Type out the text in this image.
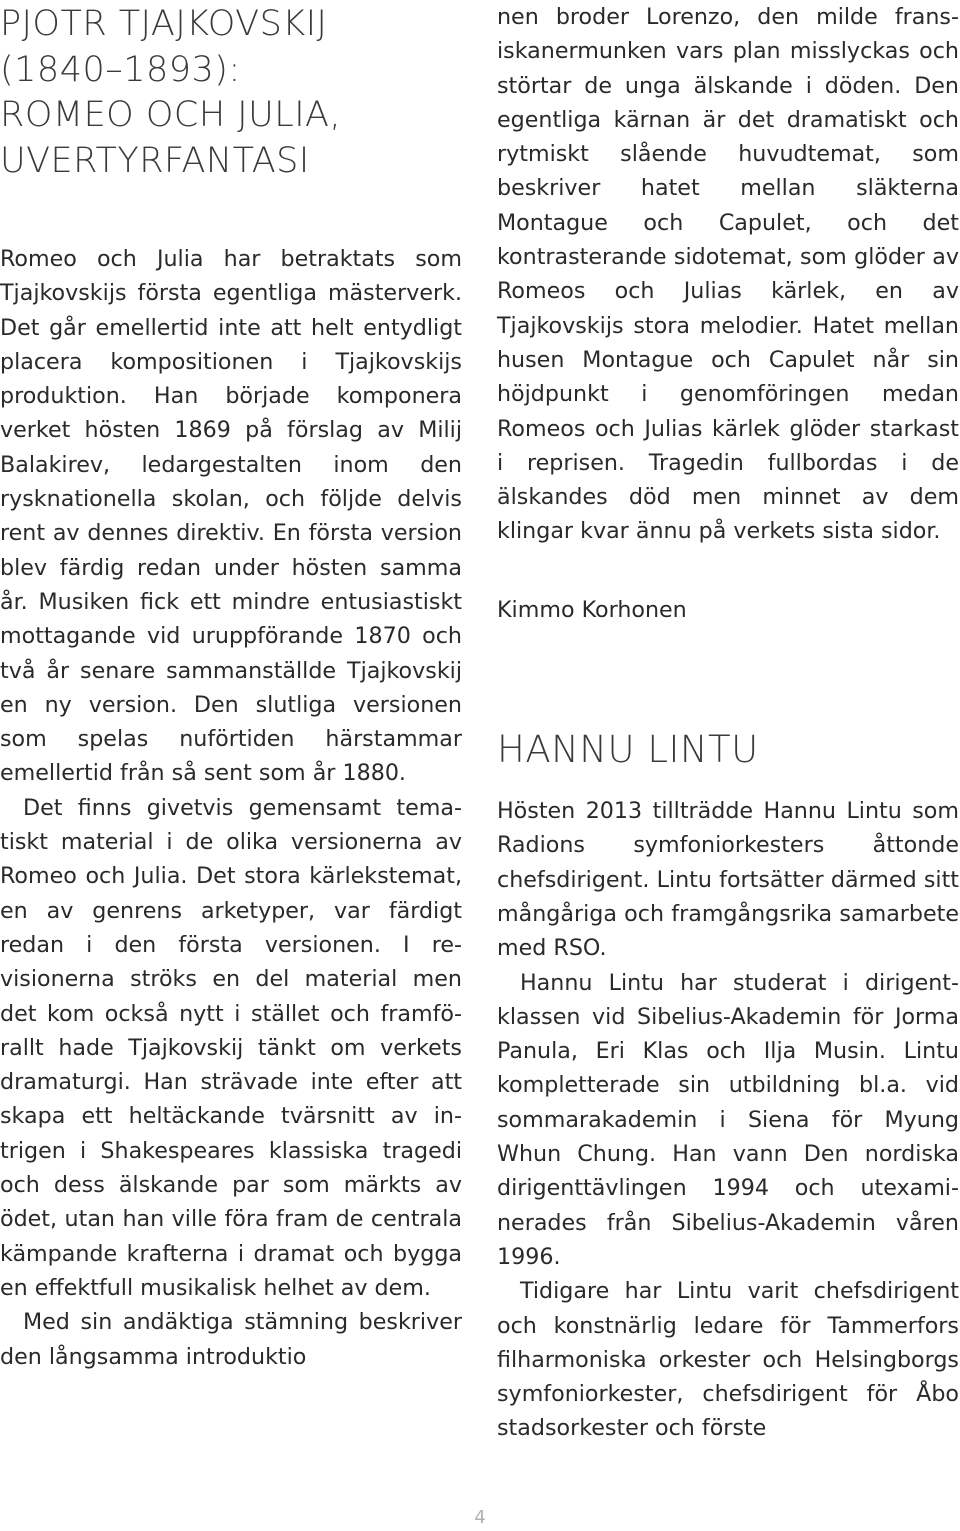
PJOTR TJAJKOVSKIJ
(1840–1893):
ROMEO OCH JULIA,
UVERTYRFANTASI

Romeo och Julia har betraktats som Tjajkovskijs första egentliga mästerverk. Det går emellertid inte att helt entydligt placera kompositionen i Tjajkovskijs produktion. Han började komponera verket hösten 1869 på förslag av Milij Balakirev, ledargestalten inom den rysknationella skolan, och följde delvis rent av dennes direktiv. En första version blev färdig redan under hösten samma år. Musiken fick ett mindre entusiastiskt mottagande vid uruppförande 1870 och två år senare sammanställde Tjajkovskij en ny version. Den slutliga versionen som spelas nuförtiden härstammar emellertid från så sent som år 1880.

Det finns givetvis gemensamt tematiskt material i de olika versionerna av Romeo och Julia. Det stora kärlekstemat, en av genrens arketyper, var färdigt redan i den första versionen. I revisionerna ströks en del material men det kom också nytt i stället och framförallt hade Tjajkovskij tänkt om verkets dramaturgi. Han strävade inte efter att skapa ett heltäckande tvärsnitt av intrigen i Shakespeares klassiska tragedi och dess älskande par som märkts av ödet, utan han ville föra fram de centrala kämpande krafterna i dramat och bygga en effektfull musikalisk helhet av dem.

Med sin andäktiga stämning beskriver den långsamma introduktio

nen broder Lorenzo, den milde fransiskanermunken vars plan misslyckas och störtar de unga älskande i döden. Den egentliga kärnan är det dramatiskt och rytmiskt slående huvudtemat, som beskriver hatet mellan släkterna Montague och Capulet, och det kontrasterande sidotemat, som glöder av Romeos och Julias kärlek, en av Tjajkovskijs stora melodier. Hatet mellan husen Montague och Capulet når sin höjdpunkt i genomföringen medan Romeos och Julias kärlek glöder starkast i reprisen. Tragedin fullbordas i de älskandes död men minnet av dem klingar kvar ännu på verkets sista sidor.

Kimmo Korhonen

HANNU LINTU

Hösten 2013 tillträdde Hannu Lintu som Radions symfoniorkesters åttonde chefsdirigent. Lintu fortsätter därmed sitt mångåriga och framgångsrika samarbete med RSO.

Hannu Lintu har studerat i dirigentklassen vid Sibelius-Akademin för Jorma Panula, Eri Klas och Ilja Musin. Lintu kompletterade sin utbildning bl.a. vid sommarakademin i Siena för Myung Whun Chung. Han vann Den nordiska dirigenttävlingen 1994 och utexaminerades från Sibelius-Akademin våren 1996.

Tidigare har Lintu varit chefsdirigent och konstnärlig ledare för Tammerfors filharmoniska orkester och Helsingborgs symfoniorkester, chefsdirigent för Åbo stadsorkester och förste

4
